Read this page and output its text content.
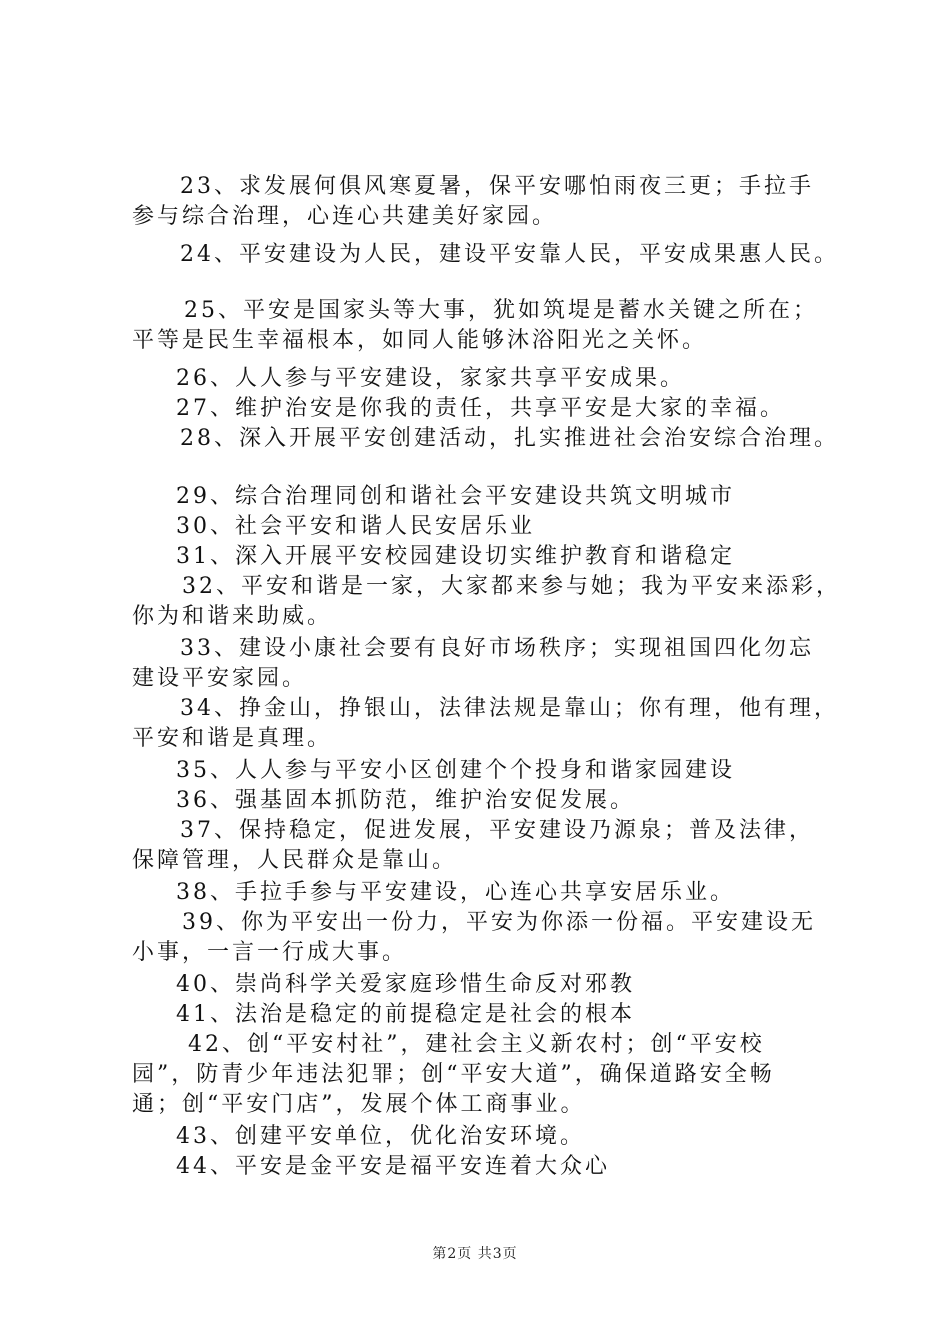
23、求发展何俱风寒夏暑，保平安哪怕雨夜三更；手拉手
参与综合治理，心连心共建美好家园。
24、平安建设为人民，建设平安靠人民，平安成果惠人民。
25、平安是国家头等大事，犹如筑堤是蓄水关键之所在；
平等是民生幸福根本，如同人能够沐浴阳光之关怀。
26、人人参与平安建设，家家共享平安成果。
27、维护治安是你我的责任，共享平安是大家的幸福。
28、深入开展平安创建活动，扎实推进社会治安综合治理。
29、综合治理同创和谐社会平安建设共筑文明城市
30、社会平安和谐人民安居乐业
31、深入开展平安校园建设切实维护教育和谐稳定
32、平安和谐是一家，大家都来参与她；我为平安来添彩，
你为和谐来助威。
33、建设小康社会要有良好市场秩序；实现祖国四化勿忘
建设平安家园。
34、挣金山，挣银山，法律法规是靠山；你有理，他有理，
平安和谐是真理。
35、人人参与平安小区创建个个投身和谐家园建设
36、强基固本抓防范，维护治安促发展。
37、保持稳定，促进发展，平安建设乃源泉；普及法律，
保障管理，人民群众是靠山。
38、手拉手参与平安建设，心连心共享安居乐业。
39、你为平安出一份力，平安为你添一份福。平安建设无
小事，一言一行成大事。
40、崇尚科学关爱家庭珍惜生命反对邪教
41、法治是稳定的前提稳定是社会的根本
42、创“平安村社”，建社会主义新农村；创“平安校
园”，防青少年违法犯罪；创“平安大道”，确保道路安全畅
通；创“平安门店”，发展个体工商事业。
43、创建平安单位，优化治安环境。
44、平安是金平安是福平安连着大众心
第2页 共3页
